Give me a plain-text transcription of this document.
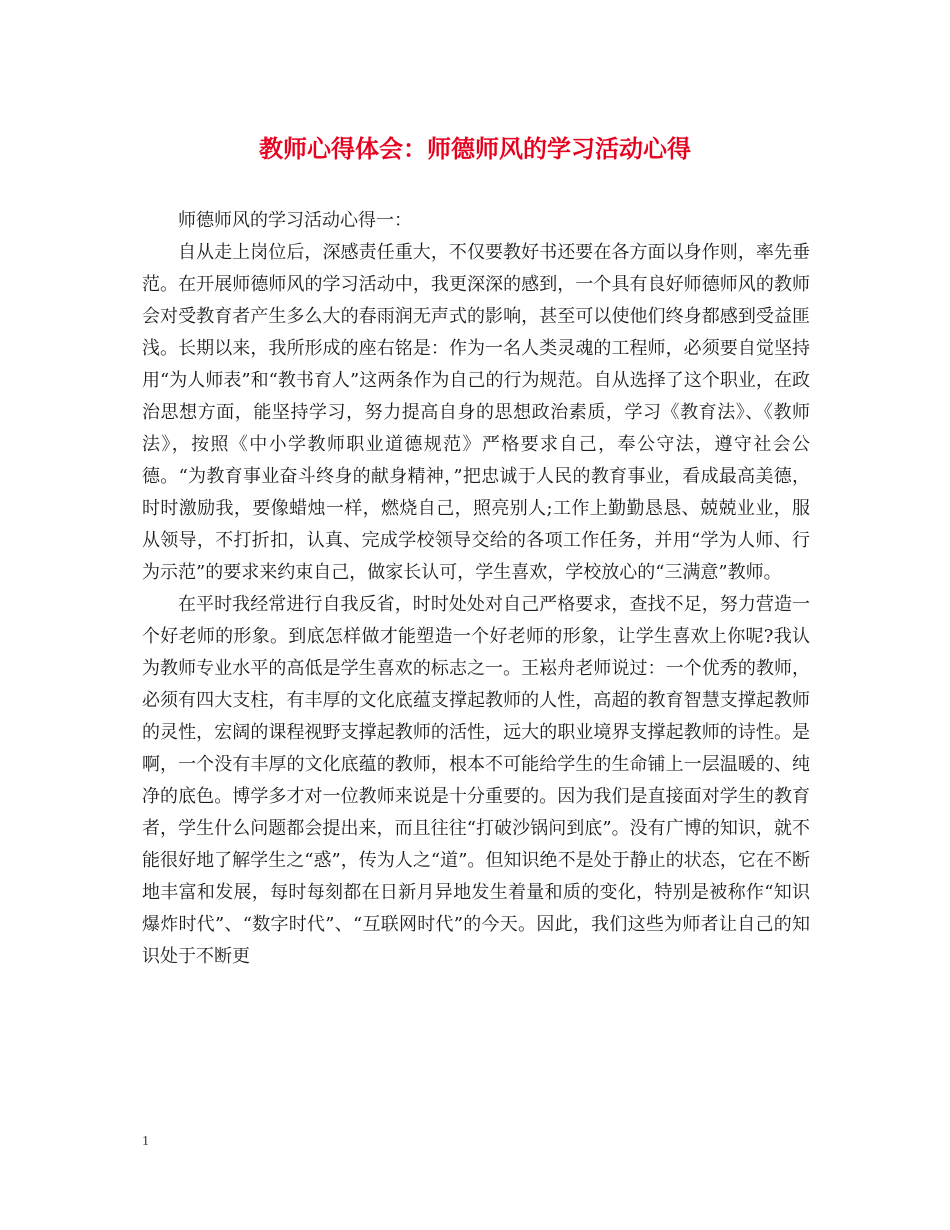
教师心得体会：师德师风的学习活动心得

师德师风的学习活动心得一：

自从走上岗位后，深感责任重大，不仅要教好书还要在各方面以身作则，率先垂范。在开展师德师风的学习活动中，我更深深的感到，一个具有良好师德师风的教师会对受教育者产生多么大的春雨润无声式的影响，甚至可以使他们终身都感到受益匪浅。长期以来，我所形成的座右铭是：作为一名人类灵魂的工程师，必须要自觉坚持用“为人师表”和“教书育人”这两条作为自己的行为规范。自从选择了这个职业，在政治思想方面，能坚持学习，努力提高自身的思想政治素质，学习《教育法》、《教师法》，按照《中小学教师职业道德规范》严格要求自己，奉公守法，遵守社会公德。“为教育事业奋斗终身的献身精神，”把忠诚于人民的教育事业，看成最高美德，时时激励我，要像蜡烛一样，燃烧自己，照亮别人;工作上勤勤恳恳、兢兢业业，服从领导，不打折扣，认真、完成学校领导交给的各项工作任务，并用“学为人师、行为示范”的要求来约束自己，做家长认可，学生喜欢，学校放心的“三满意”教师。

在平时我经常进行自我反省，时时处处对自己严格要求，查找不足，努力营造一个好老师的形象。到底怎样做才能塑造一个好老师的形象，让学生喜欢上你呢?我认为教师专业水平的高低是学生喜欢的标志之一。王崧舟老师说过：一个优秀的教师，必须有四大支柱，有丰厚的文化底蕴支撑起教师的人性，高超的教育智慧支撑起教师的灵性，宏阔的课程视野支撑起教师的活性，远大的职业境界支撑起教师的诗性。是啊，一个没有丰厚的文化底蕴的教师，根本不可能给学生的生命铺上一层温暖的、纯净的底色。博学多才对一位教师来说是十分重要的。因为我们是直接面对学生的教育者，学生什么问题都会提出来，而且往往“打破沙锅问到底”。没有广博的知识，就不能很好地了解学生之“惑”，传为人之“道”。但知识绝不是处于静止的状态，它在不断地丰富和发展，每时每刻都在日新月异地发生着量和质的变化，特别是被称作“知识爆炸时代”、“数字时代”、“互联网时代”的今天。因此，我们这些为师者让自己的知识处于不断更

1
